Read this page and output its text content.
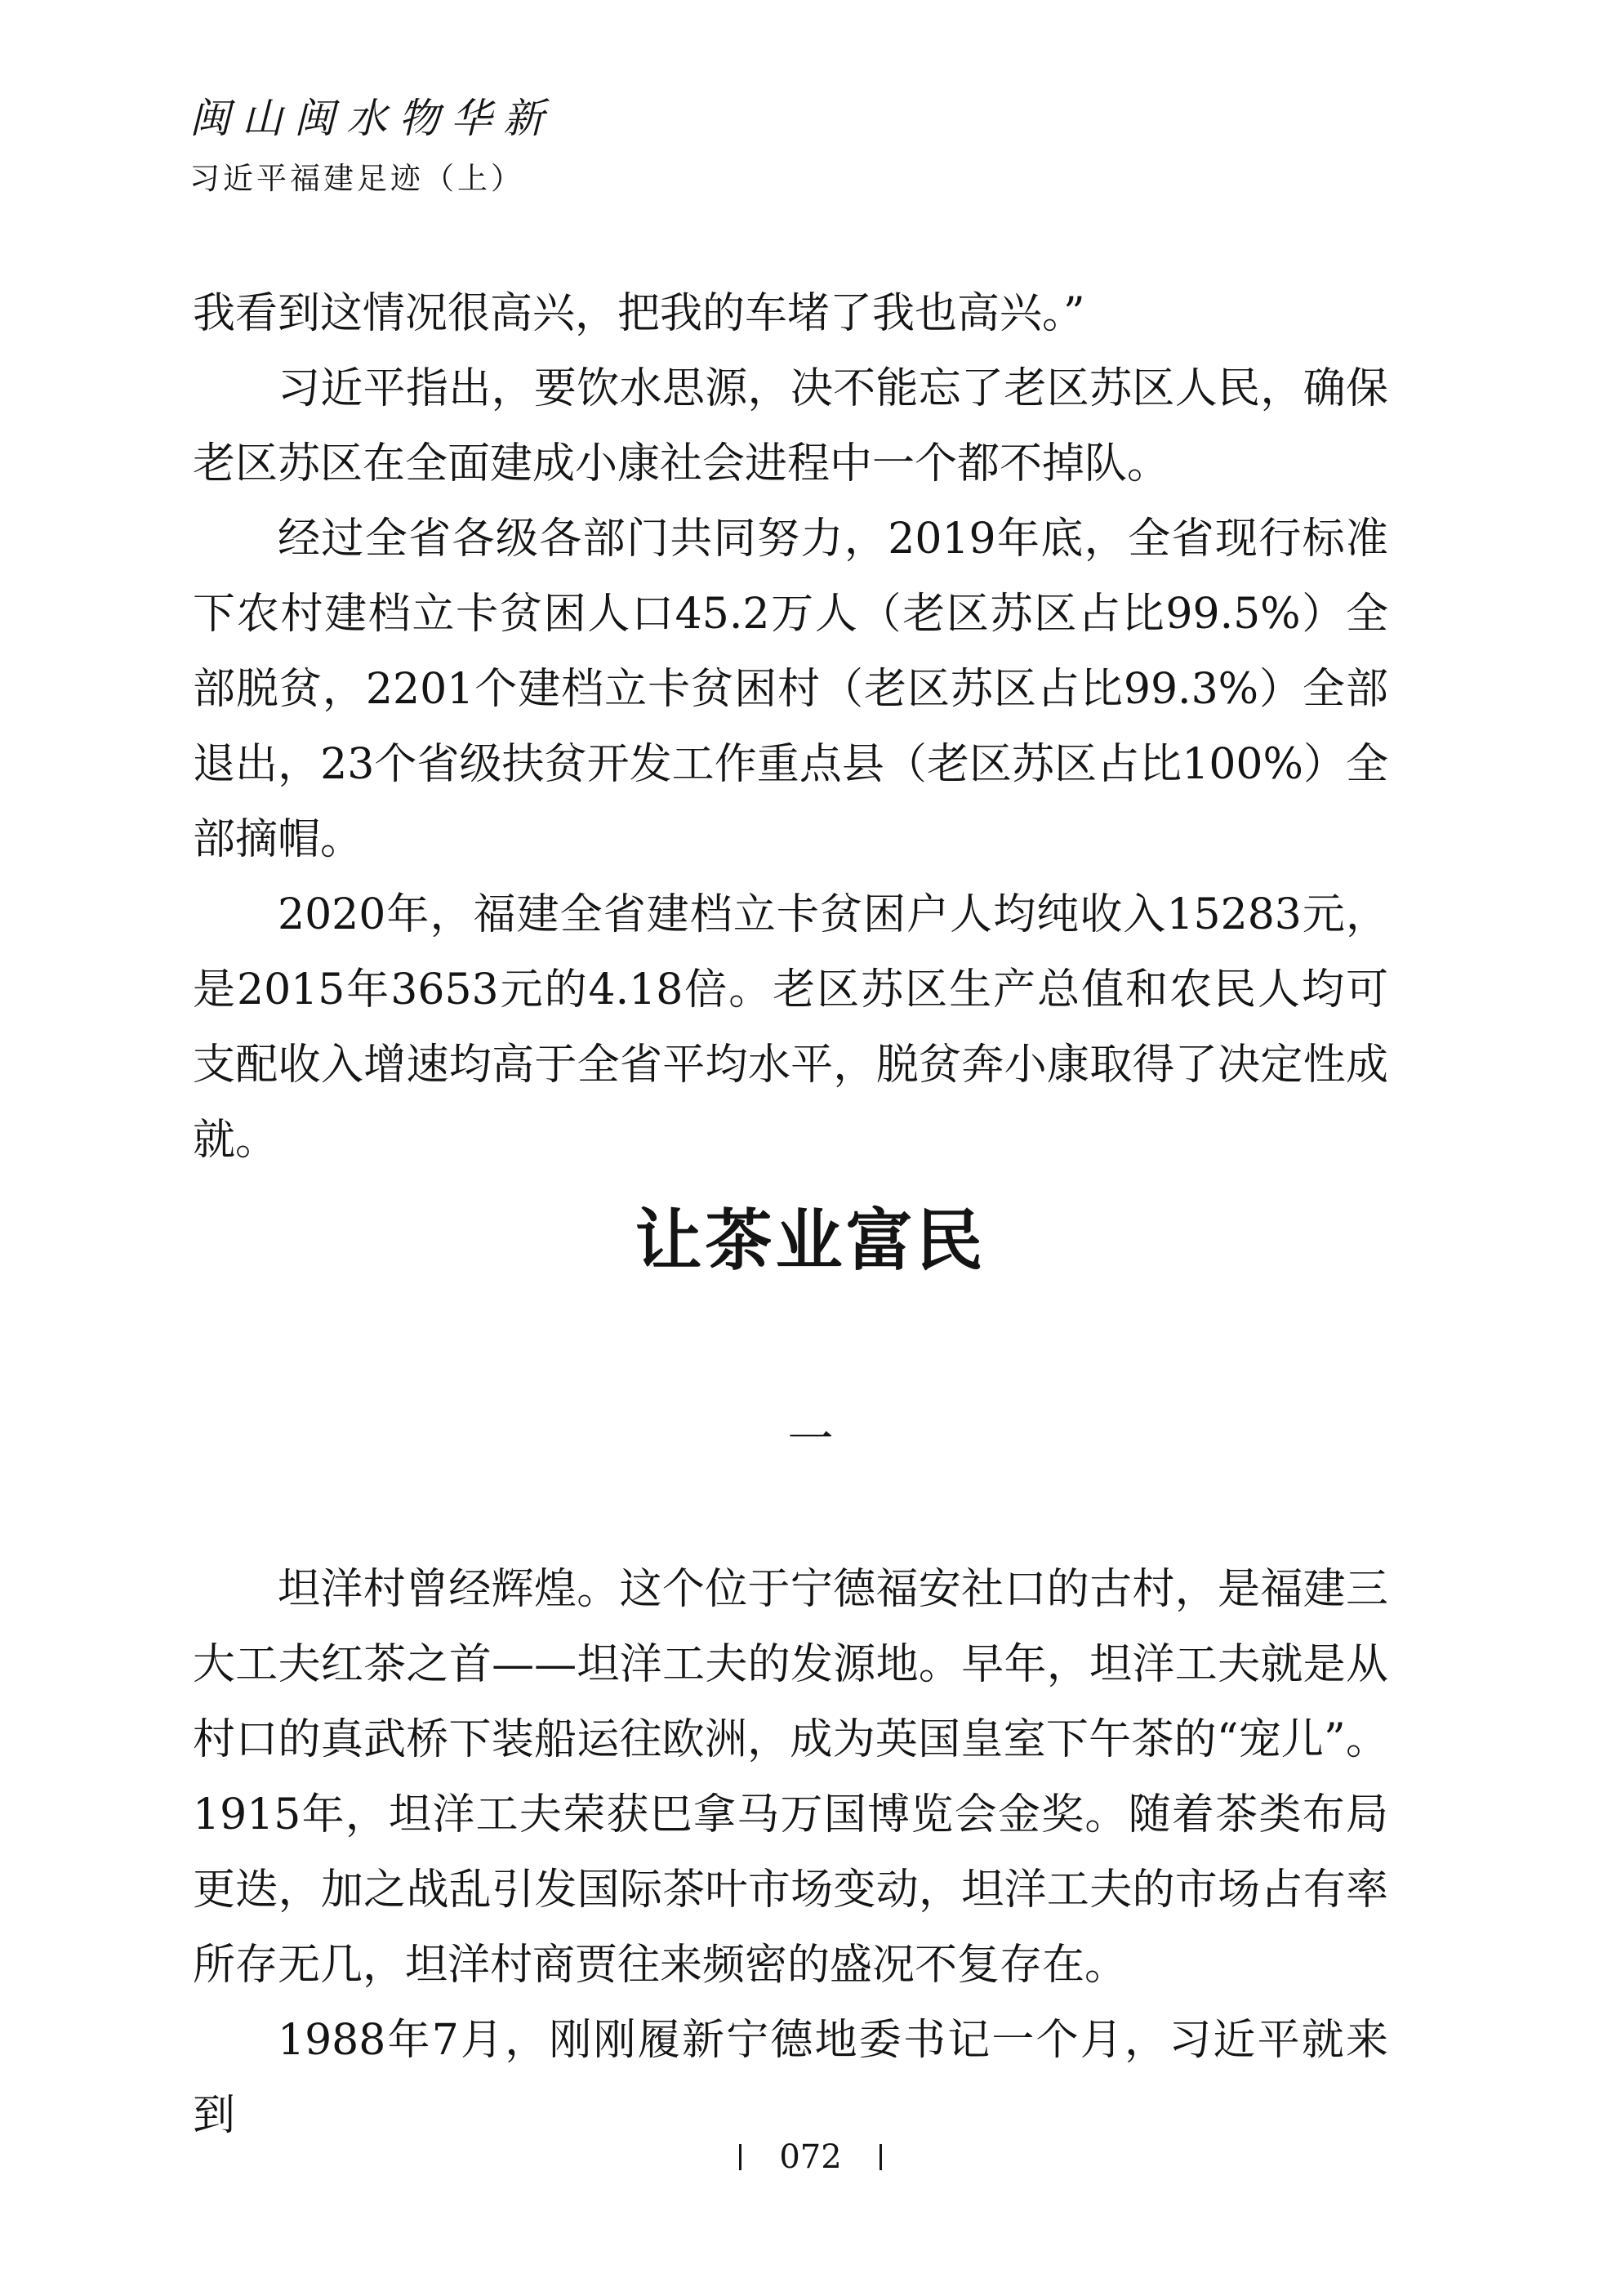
闽山闽水物华新
习近平福建足迹（上）

我看到这情况很高兴，把我的车堵了我也高兴。”

习近平指出，要饮水思源，决不能忘了老区苏区人民，确保老区苏区在全面建成小康社会进程中一个都不掉队。

经过全省各级各部门共同努力，2019年底，全省现行标准下农村建档立卡贫困人口45.2万人（老区苏区占比99.5%）全部脱贫，2201个建档立卡贫困村（老区苏区占比99.3%）全部退出，23个省级扶贫开发工作重点县（老区苏区占比100%）全部摘帽。

2020年，福建全省建档立卡贫困户人均纯收入15283元，是2015年3653元的4.18倍。老区苏区生产总值和农民人均可支配收入增速均高于全省平均水平，脱贫奔小康取得了决定性成就。

让茶业富民
一

坦洋村曾经辉煌。这个位于宁德福安社口的古村，是福建三大工夫红茶之首——坦洋工夫的发源地。早年，坦洋工夫就是从村口的真武桥下装船运往欧洲，成为英国皇室下午茶的“宠儿”。1915年，坦洋工夫荣获巴拿马万国博览会金奖。随着茶类布局更迭，加之战乱引发国际茶叶市场变动，坦洋工夫的市场占有率所存无几，坦洋村商贾往来频密的盛况不复存在。

1988年7月，刚刚履新宁德地委书记一个月，习近平就来到

072
